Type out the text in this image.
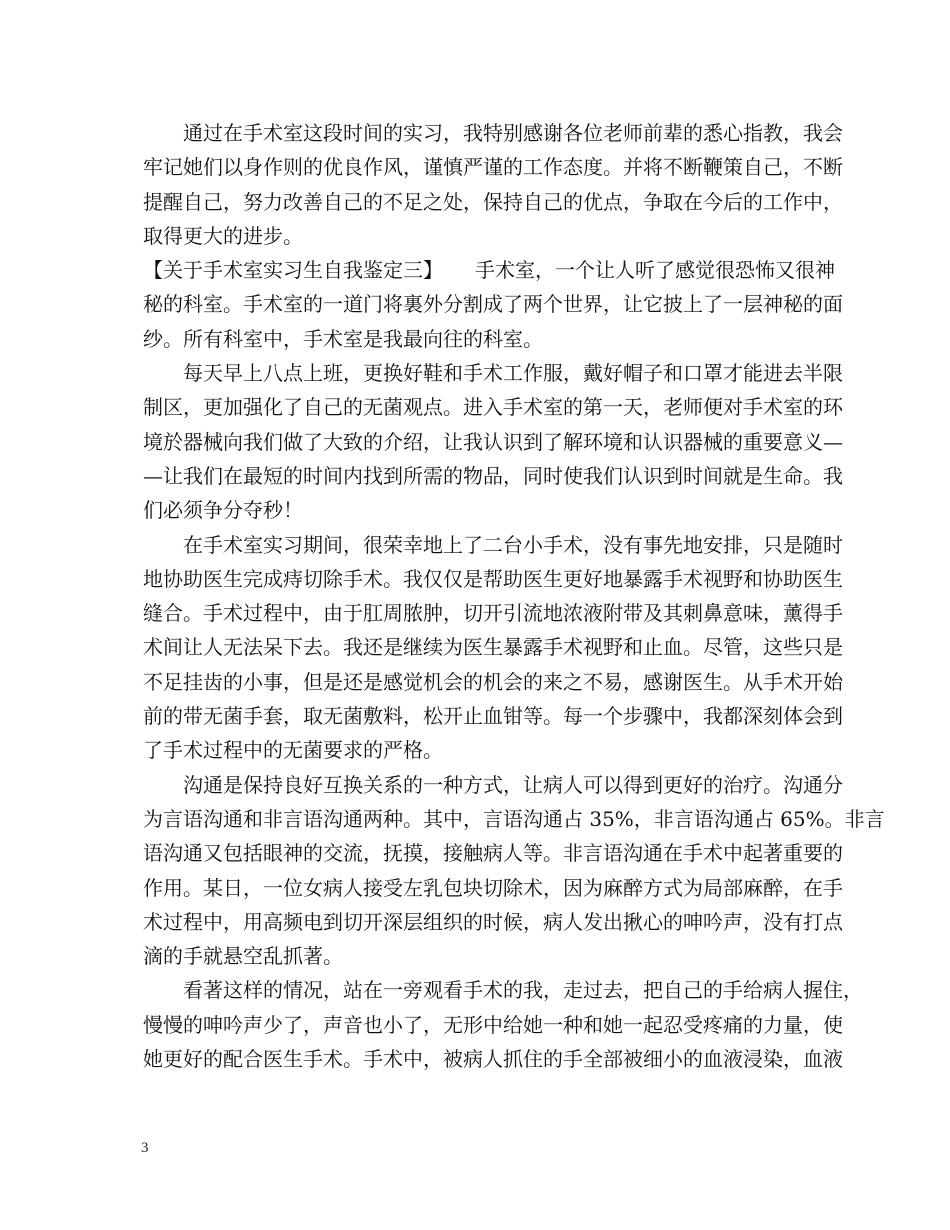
通过在手术室这段时间的实习，我特别感谢各位老师前辈的悉心指教，我会
牢记她们以身作则的优良作风，谨慎严谨的工作态度。并将不断鞭策自己，不断
提醒自己，努力改善自己的不足之处，保持自己的优点，争取在今后的工作中，
取得更大的进步。
【关于手术室实习生自我鉴定三】 手术室，一个让人听了感觉很恐怖又很神
秘的科室。手术室的一道门将裏外分割成了两个世界，让它披上了一层神秘的面
纱。所有科室中，手术室是我最向往的科室。
每天早上八点上班，更换好鞋和手术工作服，戴好帽子和口罩才能进去半限
制区，更加强化了自己的无菌观点。进入手术室的第一天，老师便对手术室的环
境於器械向我们做了大致的介绍，让我认识到了解环境和认识器械的重要意义—
—让我们在最短的时间内找到所需的物品，同时使我们认识到时间就是生命。我
们必须争分夺秒！
在手术室实习期间，很荣幸地上了二台小手术，没有事先地安排，只是随时
地协助医生完成痔切除手术。我仅仅是帮助医生更好地暴露手术视野和协助医生
缝合。手术过程中，由于肛周脓肿，切开引流地浓液附带及其刺鼻意味，薰得手
术间让人无法呆下去。我还是继续为医生暴露手术视野和止血。尽管，这些只是
不足挂齿的小事，但是还是感觉机会的机会的来之不易，感谢医生。从手术开始
前的带无菌手套，取无菌敷料，松开止血钳等。每一个步骤中，我都深刻体会到
了手术过程中的无菌要求的严格。
沟通是保持良好互换关系的一种方式，让病人可以得到更好的治疗。沟通分
为言语沟通和非言语沟通两种。其中，言语沟通占 35%，非言语沟通占 65%。非言
语沟通又包括眼神的交流，抚摸，接触病人等。非言语沟通在手术中起著重要的
作用。某日，一位女病人接受左乳包块切除术，因为麻醉方式为局部麻醉，在手
术过程中，用高频电到切开深层组织的时候，病人发出揪心的呻吟声，没有打点
滴的手就悬空乱抓著。
看著这样的情况，站在一旁观看手术的我，走过去，把自己的手给病人握住，
慢慢的呻吟声少了，声音也小了，无形中给她一种和她一起忍受疼痛的力量，使
她更好的配合医生手术。手术中，被病人抓住的手全部被细小的血液浸染，血液
3
